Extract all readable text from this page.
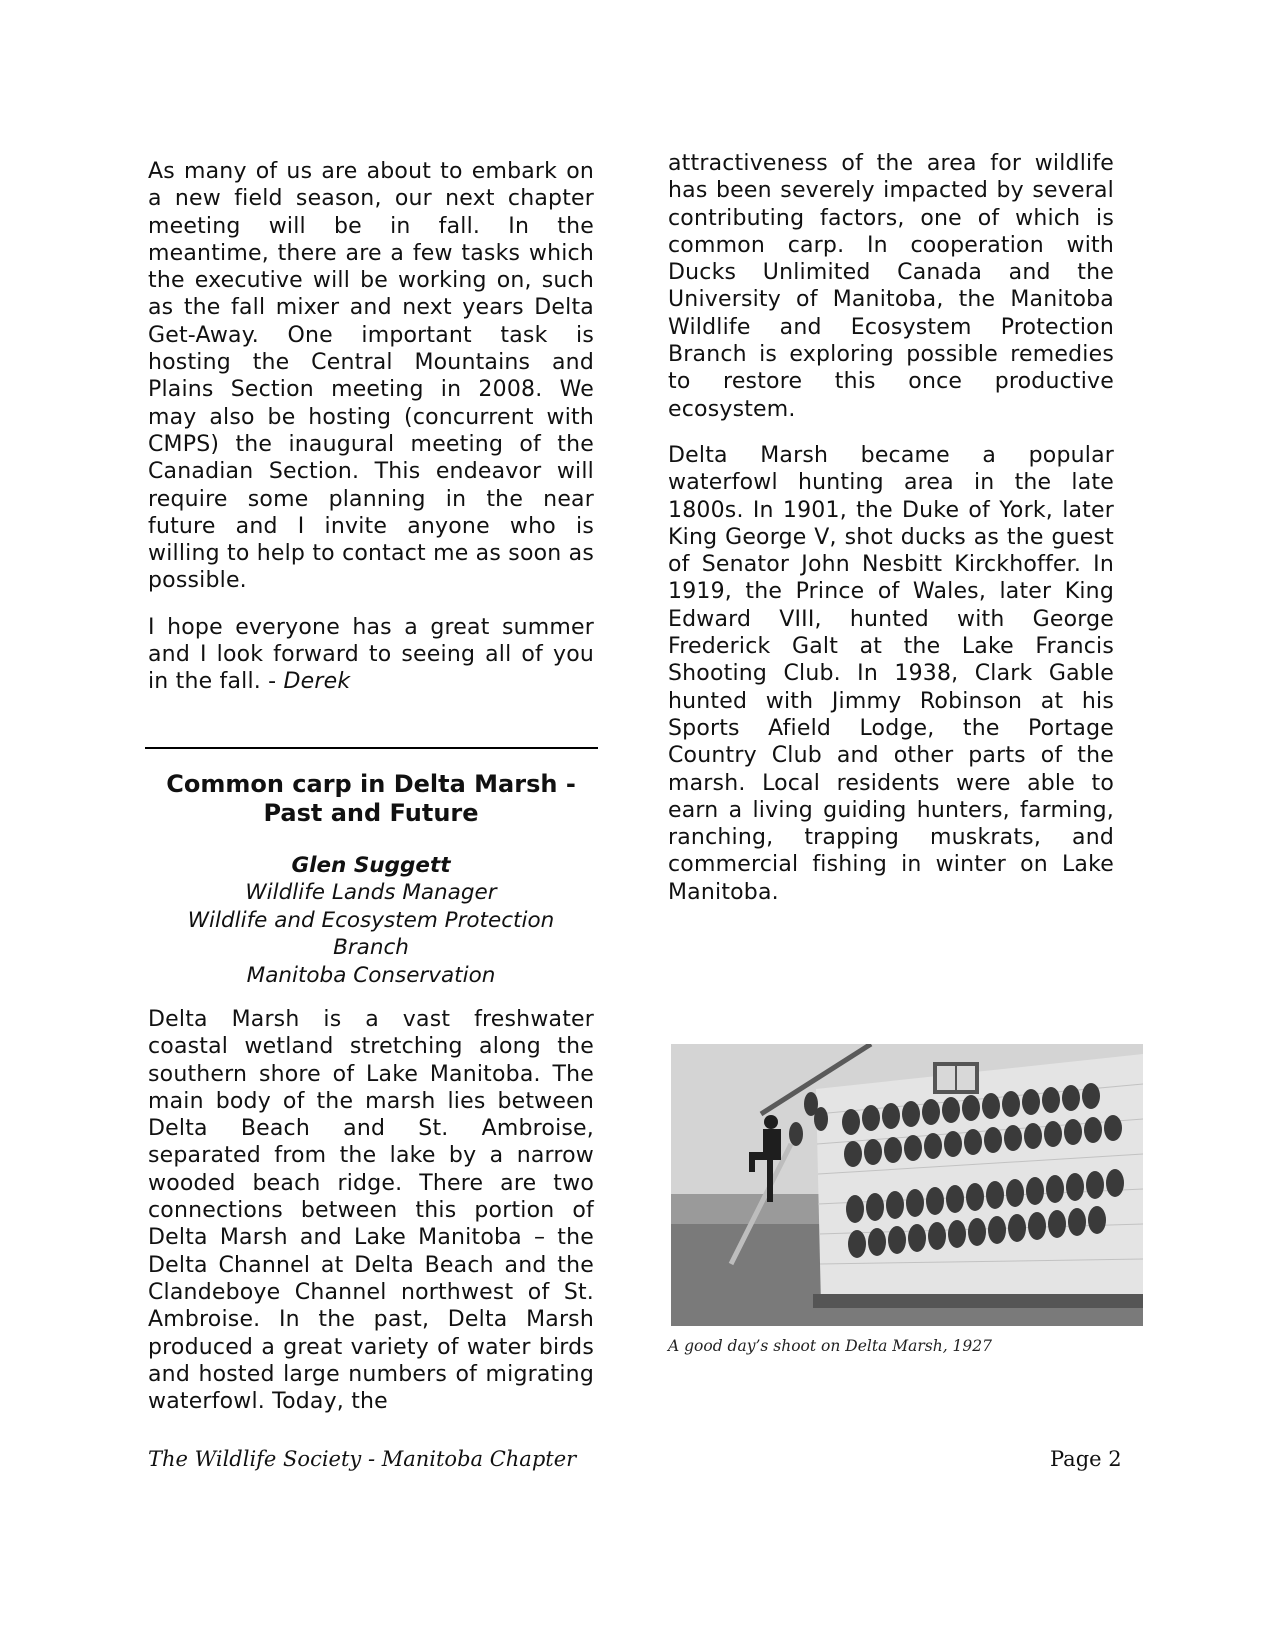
As many of us are about to embark on a new field season, our next chapter meeting will be in fall. In the meantime, there are a few tasks which the executive will be working on, such as the fall mixer and next years Delta Get-Away. One important task is hosting the Central Mountains and Plains Section meeting in 2008. We may also be hosting (concurrent with CMPS) the inaugural meeting of the Canadian Section. This endeavor will require some planning in the near future and I invite anyone who is willing to help to contact me as soon as possible.

I hope everyone has a great summer and I look forward to seeing all of you in the fall. - Derek

Common carp in Delta Marsh -
Past and Future
Glen Suggett
Wildlife Lands Manager
Wildlife and Ecosystem Protection
Branch
Manitoba Conservation

Delta Marsh is a vast freshwater coastal wetland stretching along the southern shore of Lake Manitoba. The main body of the marsh lies between Delta Beach and St. Ambroise, separated from the lake by a narrow wooded beach ridge. There are two connections between this portion of Delta Marsh and Lake Manitoba – the Delta Channel at Delta Beach and the Clandeboye Channel northwest of St. Ambroise. In the past, Delta Marsh produced a great variety of water birds and hosted large numbers of migrating waterfowl. Today, the

attractiveness of the area for wildlife has been severely impacted by several contributing factors, one of which is common carp. In cooperation with Ducks Unlimited Canada and the University of Manitoba, the Manitoba Wildlife and Ecosystem Protection Branch is exploring possible remedies to restore this once productive ecosystem.

Delta Marsh became a popular waterfowl hunting area in the late 1800s. In 1901, the Duke of York, later King George V, shot ducks as the guest of Senator John Nesbitt Kirckhoffer. In 1919, the Prince of Wales, later King Edward VIII, hunted with George Frederick Galt at the Lake Francis Shooting Club. In 1938, Clark Gable hunted with Jimmy Robinson at his Sports Afield Lodge, the Portage Country Club and other parts of the marsh. Local residents were able to earn a living guiding hunters, farming, ranching, trapping muskrats, and commercial fishing in winter on Lake Manitoba.

A good day’s shoot on Delta Marsh, 1927
The Wildlife Society - Manitoba Chapter	Page 2
